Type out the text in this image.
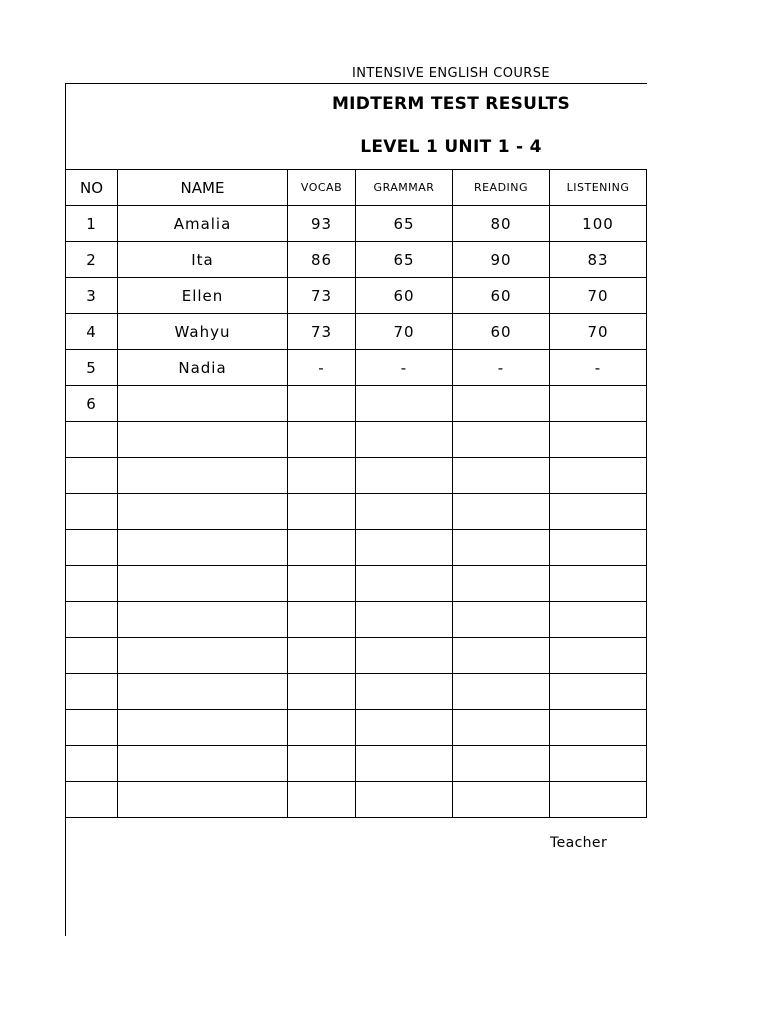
INTENSIVE ENGLISH COURSE
MIDTERM TEST RESULTS
LEVEL 1 UNIT 1 - 4
NO	NAME	VOCAB	GRAMMAR	READING	LISTENING
1	Amalia	93	65	80	100
2	Ita	86	65	90	83
3	Ellen	73	60	60	70
4	Wahyu	73	70	60	70
5	Nadia	-	-	-	-
6					

Teacher
